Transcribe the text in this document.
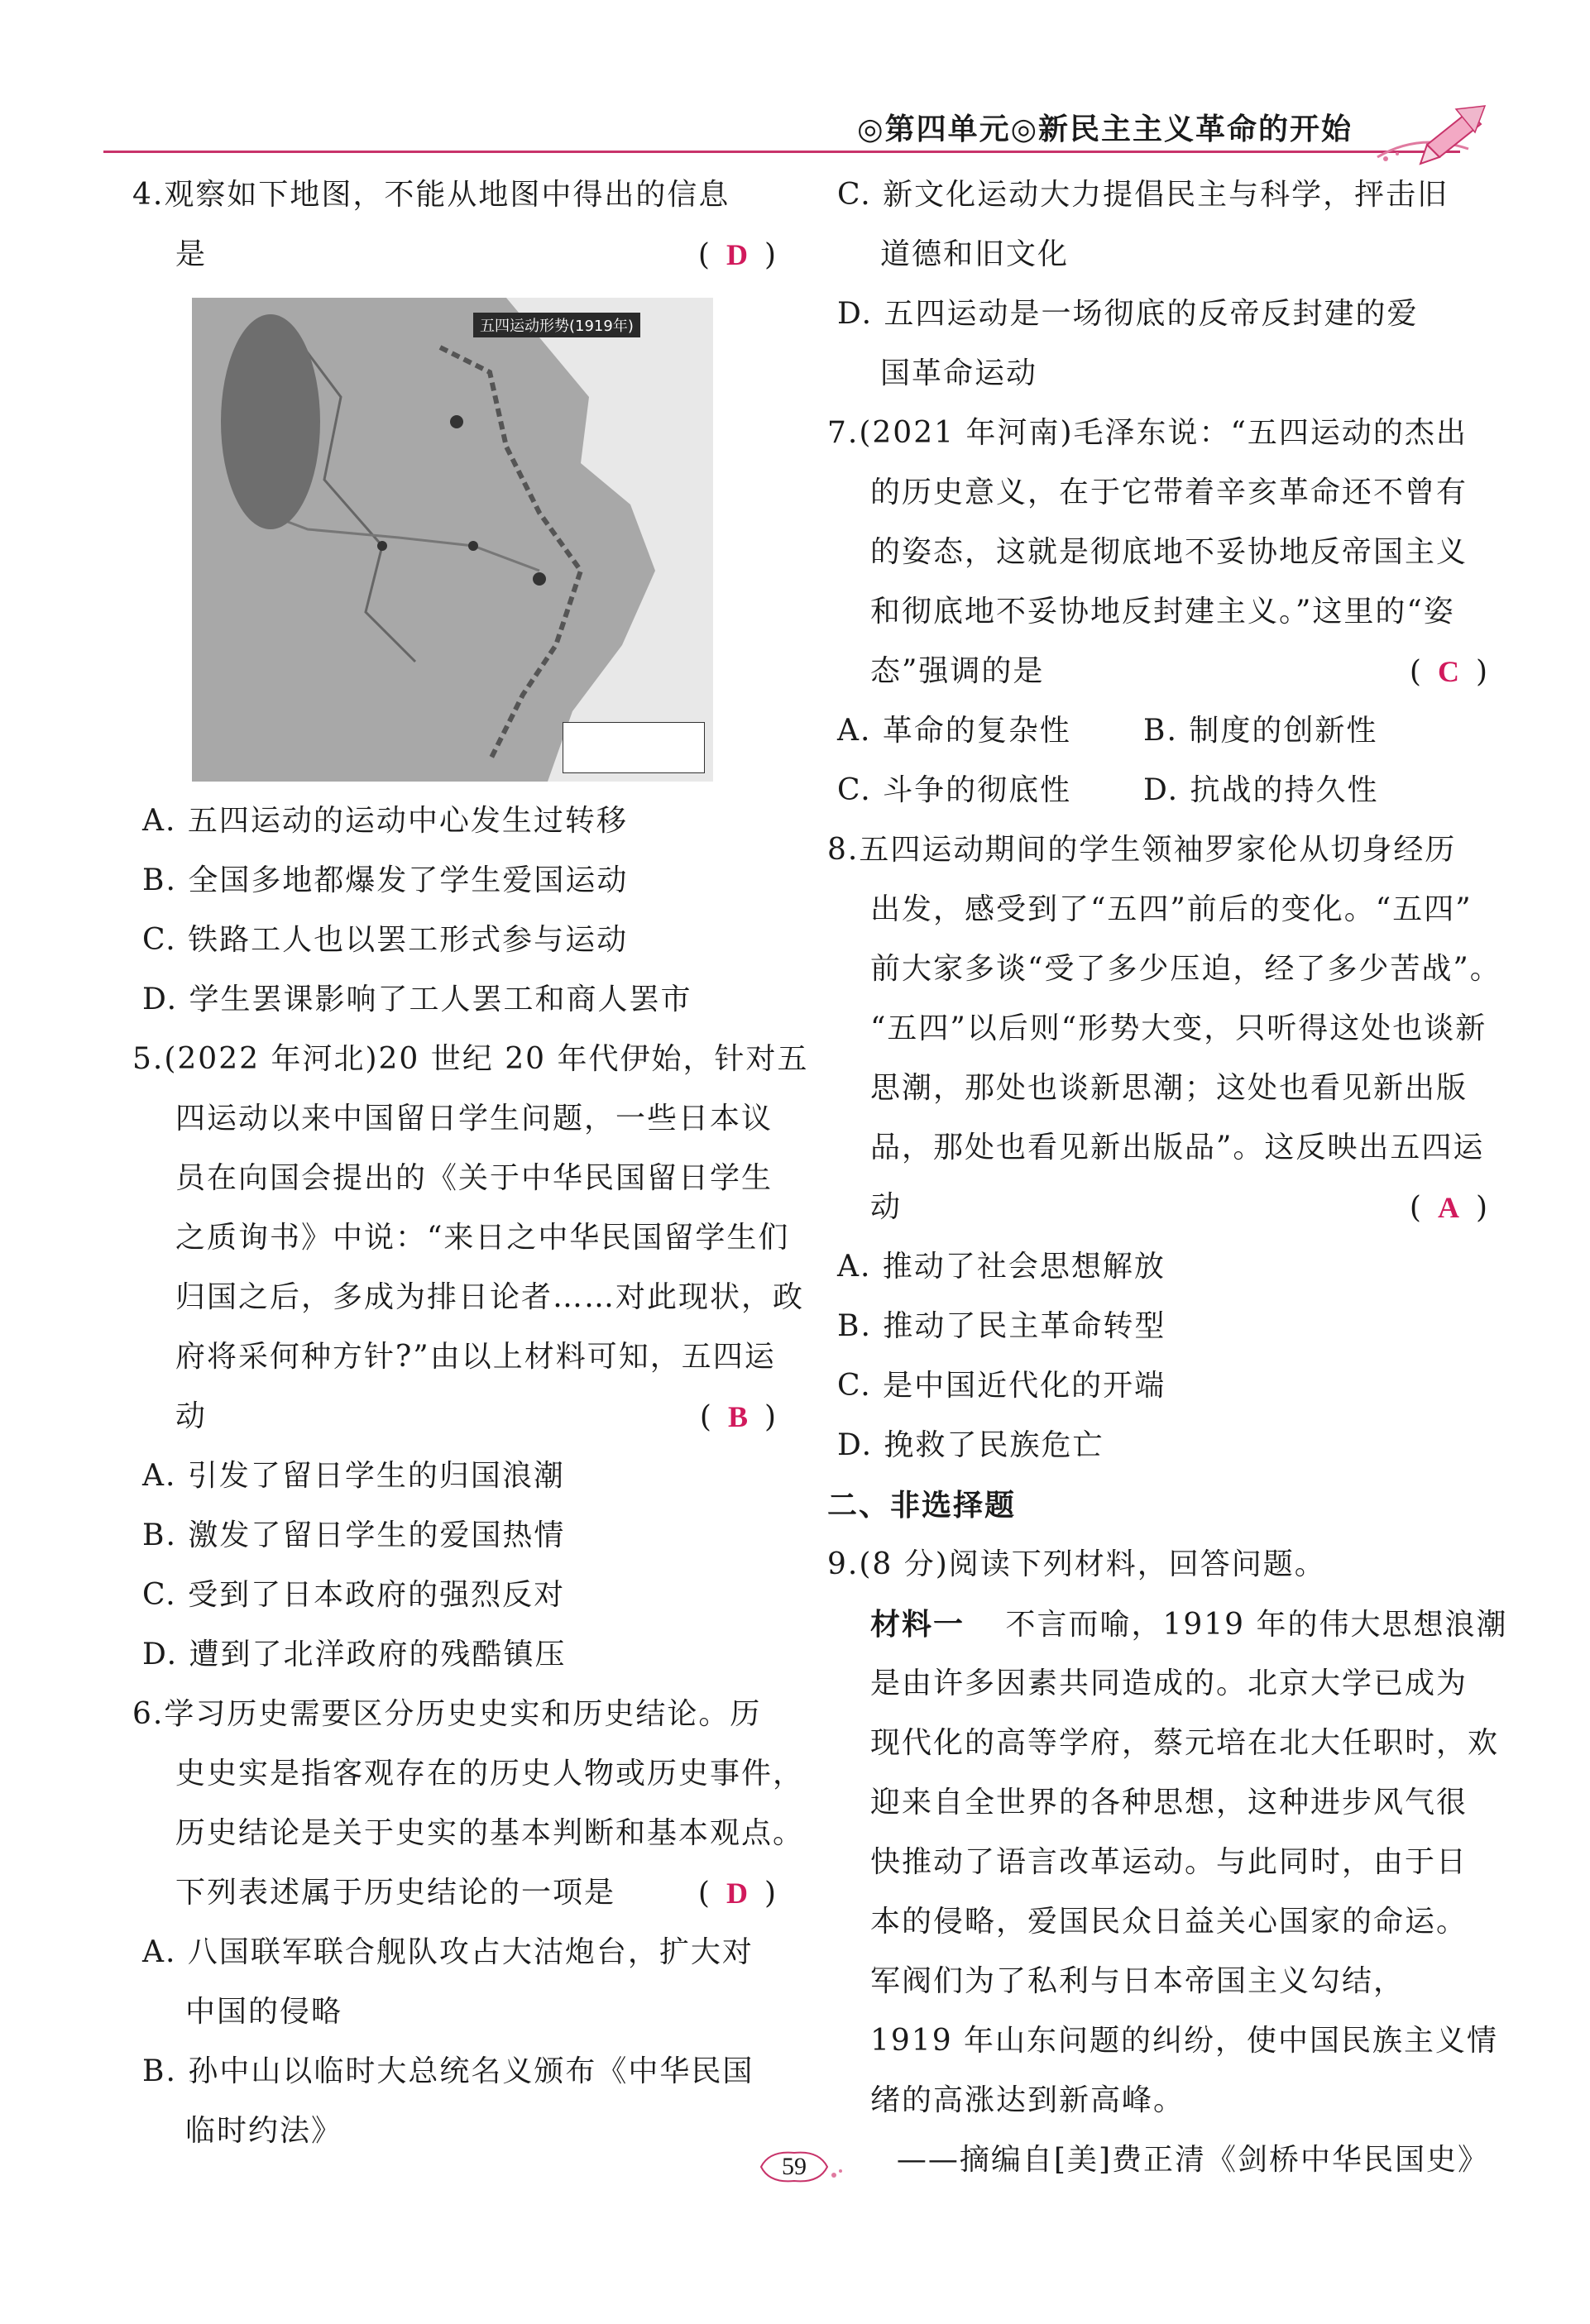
◎第四单元◎新民主主义革命的开始
4.观察如下地图，不能从地图中得出的信息
是	( D )
五四运动形势(1919年)
A. 五四运动的运动中心发生过转移
B. 全国多地都爆发了学生爱国运动
C. 铁路工人也以罢工形式参与运动
D. 学生罢课影响了工人罢工和商人罢市
5.(2022 年河北)20 世纪 20 年代伊始，针对五
四运动以来中国留日学生问题，一些日本议
员在向国会提出的《关于中华民国留日学生
之质询书》中说：“来日之中华民国留学生们
归国之后，多成为排日论者……对此现状，政
府将采何种方针?”由以上材料可知，五四运
动	( B )
A. 引发了留日学生的归国浪潮
B. 激发了留日学生的爱国热情
C. 受到了日本政府的强烈反对
D. 遭到了北洋政府的残酷镇压
6.学习历史需要区分历史史实和历史结论。历
史史实是指客观存在的历史人物或历史事件，
历史结论是关于史实的基本判断和基本观点。
下列表述属于历史结论的一项是	( D )
A. 八国联军联合舰队攻占大沽炮台，扩大对
中国的侵略
B. 孙中山以临时大总统名义颁布《中华民国
临时约法》
C. 新文化运动大力提倡民主与科学，抨击旧
道德和旧文化
D. 五四运动是一场彻底的反帝反封建的爱
国革命运动
7.(2021 年河南)毛泽东说：“五四运动的杰出
的历史意义，在于它带着辛亥革命还不曾有
的姿态，这就是彻底地不妥协地反帝国主义
和彻底地不妥协地反封建主义。”这里的“姿
态”强调的是	( C )
A. 革命的复杂性	B. 制度的创新性
C. 斗争的彻底性	D. 抗战的持久性
8.五四运动期间的学生领袖罗家伦从切身经历
出发，感受到了“五四”前后的变化。“五四”
前大家多谈“受了多少压迫，经了多少苦战”。
“五四”以后则“形势大变，只听得这处也谈新
思潮，那处也谈新思潮；这处也看见新出版
品，那处也看见新出版品”。这反映出五四运
动	( A )
A. 推动了社会思想解放
B. 推动了民主革命转型
C. 是中国近代化的开端
D. 挽救了民族危亡
二、非选择题
9.(8 分)阅读下列材料，回答问题。
材料一 不言而喻，1919 年的伟大思想浪潮
是由许多因素共同造成的。北京大学已成为
现代化的高等学府，蔡元培在北大任职时，欢
迎来自全世界的各种思想，这种进步风气很
快推动了语言改革运动。与此同时，由于日
本的侵略，爱国民众日益关心国家的命运。
军阀们为了私利与日本帝国主义勾结，
1919 年山东问题的纠纷，使中国民族主义情
绪的高涨达到新高峰。
——摘编自[美]费正清《剑桥中华民国史》
59
